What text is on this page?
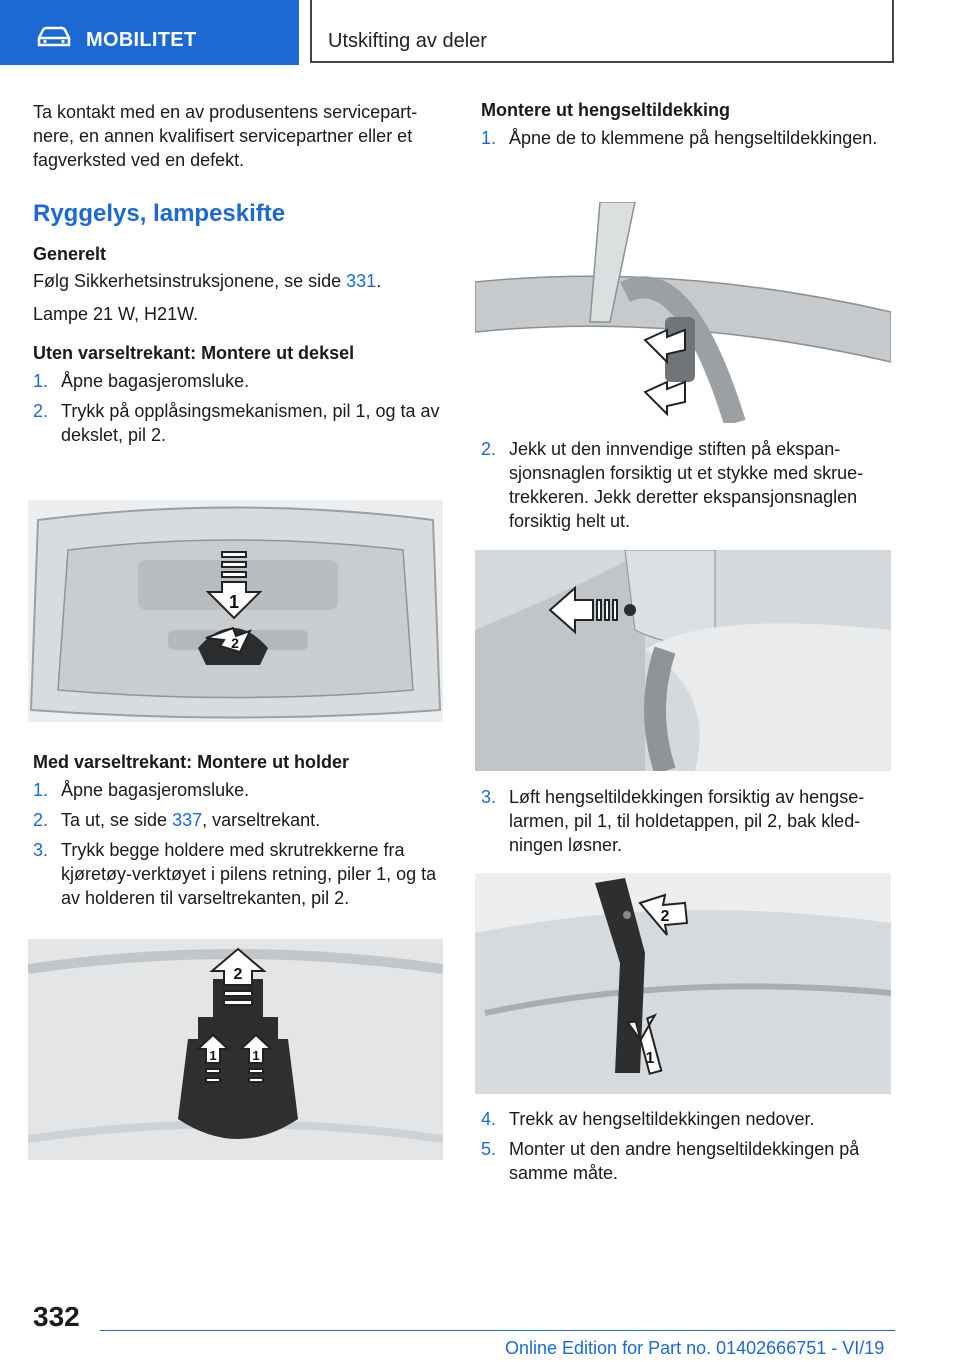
MOBILITET	Utskifting av deler

Ta kontakt med en av produsentens servicepartnere, en annen kvalifisert servicepartner eller et fagverksted ved en defekt.

Ryggelys, lampeskifte
Generelt

Følg Sikkerhetsinstruksjonene, se side 331.

Lampe 21 W, H21W.

Uten varseltrekant: Montere ut deksel
1. Åpne bagasjeromsluke.
2. Trykk på opplåsingsmekanismen, pil 1, og ta av dekslet, pil 2.
Med varseltrekant: Montere ut holder
1. Åpne bagasjeromsluke.
2. Ta ut, se side 337, varseltrekant.
3. Trykk begge holdere med skrutrekkerne fra kjøretøy-verktøyet i pilens retning, piler 1, og ta av holderen til varseltrekanten, pil 2.
1
2
2
1	1
Montere ut hengseltildekking
1. Åpne de to klemmene på hengseltildekkingen.
2. Jekk ut den innvendige stiften på ekspansjonsnaglen forsiktig ut et stykke med skruetrekkeren. Jekk deretter ekspansjonsnaglen forsiktig helt ut.
3. Løft hengseltildekkingen forsiktig av hengselarmen, pil 1, til holdetappen, pil 2, bak kledningen løsner.
2
1
4. Trekk av hengseltildekkingen nedover.
5. Monter ut den andre hengseltildekkingen på samme måte.
332
Online Edition for Part no. 01402666751 - VI/19
